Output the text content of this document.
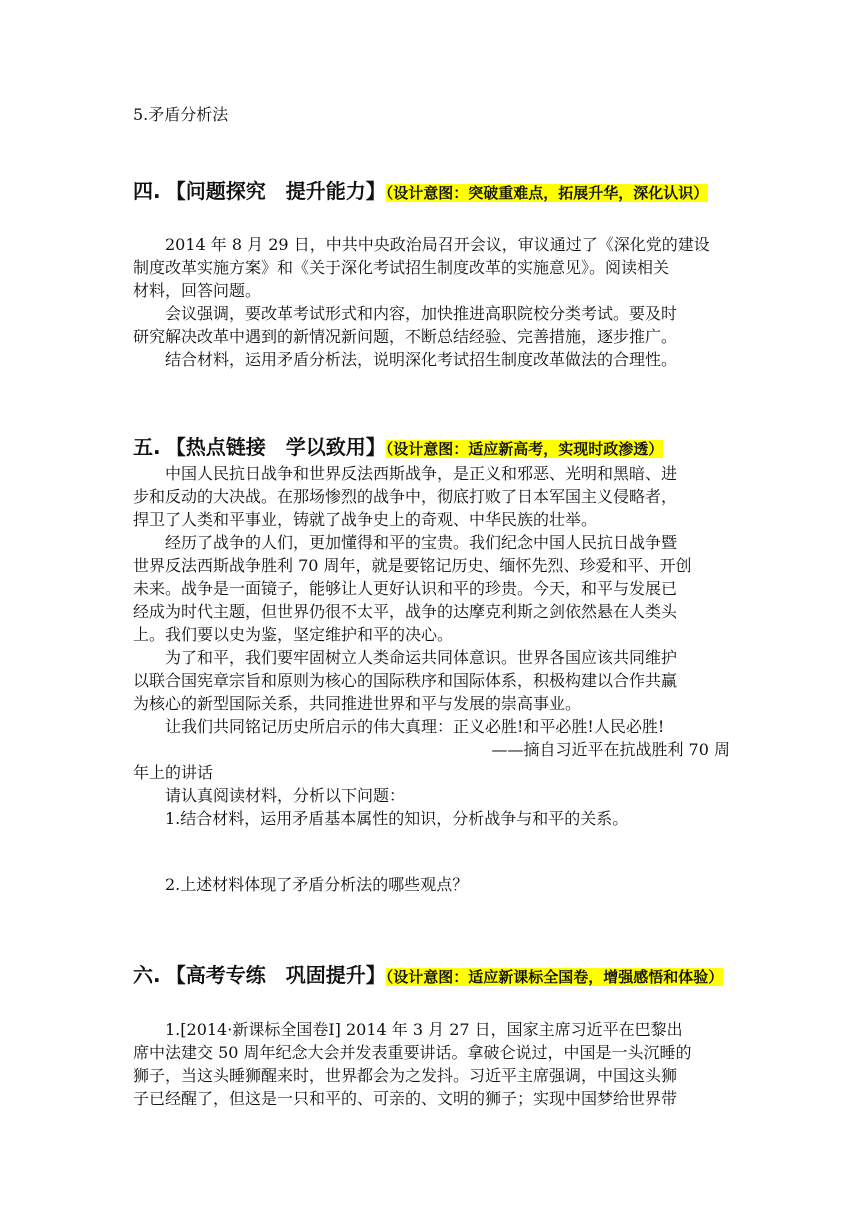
5.矛盾分析法
四. 【问题探究　提升能力】（设计意图：突破重难点，拓展升华，深化认识）
2014 年 8 月 29 日，中共中央政治局召开会议，审议通过了《深化党的建设
制度改革实施方案》和《关于深化考试招生制度改革的实施意见》。阅读相关
材料，回答问题。
会议强调，要改革考试形式和内容，加快推进高职院校分类考试。要及时
研究解决改革中遇到的新情况新问题，不断总结经验、完善措施，逐步推广。
结合材料，运用矛盾分析法，说明深化考试招生制度改革做法的合理性。
五. 【热点链接　学以致用】（设计意图：适应新高考，实现时政渗透）
中国人民抗日战争和世界反法西斯战争，是正义和邪恶、光明和黑暗、进
步和反动的大决战。在那场惨烈的战争中，彻底打败了日本军国主义侵略者，
捍卫了人类和平事业，铸就了战争史上的奇观、中华民族的壮举。
经历了战争的人们，更加懂得和平的宝贵。我们纪念中国人民抗日战争暨
世界反法西斯战争胜利 70 周年，就是要铭记历史、缅怀先烈、珍爱和平、开创
未来。战争是一面镜子，能够让人更好认识和平的珍贵。今天，和平与发展已
经成为时代主题，但世界仍很不太平，战争的达摩克利斯之剑依然悬在人类头
上。我们要以史为鉴，坚定维护和平的决心。
为了和平，我们要牢固树立人类命运共同体意识。世界各国应该共同维护
以联合国宪章宗旨和原则为核心的国际秩序和国际体系，积极构建以合作共赢
为核心的新型国际关系，共同推进世界和平与发展的崇高事业。
让我们共同铭记历史所启示的伟大真理：正义必胜!和平必胜!人民必胜!
——摘自习近平在抗战胜利 70 周
年上的讲话
请认真阅读材料，分析以下问题：
1.结合材料，运用矛盾基本属性的知识，分析战争与和平的关系。
2.上述材料体现了矛盾分析法的哪些观点？
六. 【高考专练　巩固提升】（设计意图：适应新课标全国卷，增强感悟和体验）
1.[2014·新课标全国卷Ⅰ] 2014 年 3 月 27 日，国家主席习近平在巴黎出
席中法建交 50 周年纪念大会并发表重要讲话。拿破仑说过，中国是一头沉睡的
狮子，当这头睡狮醒来时，世界都会为之发抖。习近平主席强调，中国这头狮
子已经醒了，但这是一只和平的、可亲的、文明的狮子；实现中国梦给世界带
